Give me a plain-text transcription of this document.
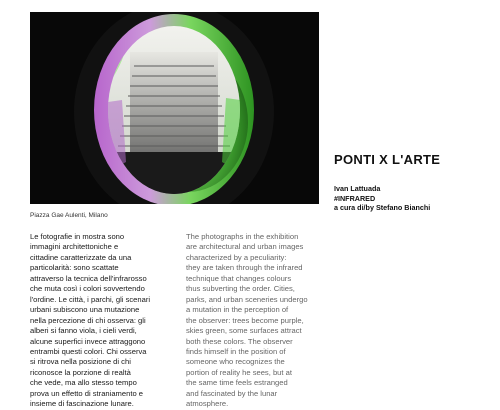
Piazza Gae Aulenti, Milano
PONTI X L'ARTE
Ivan Lattuada
#INFRARED
a cura di/by Stefano Bianchi
Le fotografie in mostra sono
immagini architettoniche e
cittadine caratterizzate da una
particolarità: sono scattate
attraverso la tecnica dell'infrarosso
che muta così i colori sovvertendo
l'ordine. Le città, i parchi, gli scenari
urbani subiscono una mutazione
nella percezione di chi osserva: gli
alberi si fanno viola, i cieli verdi,
alcune superfici invece attraggono
entrambi questi colori. Chi osserva
si ritrova nella posizione di chi
riconosce la porzione di realtà
che vede, ma allo stesso tempo
prova un effetto di straniamento e
insieme di fascinazione lunare.
The photographs in the exhibition
are architectural and urban images
characterized by a peculiarity:
they are taken through the infrared
technique that changes colours
thus subverting the order. Cities,
parks, and urban sceneries undergo
a mutation in the perception of
the observer: trees become purple,
skies green, some surfaces attract
both these colors. The observer
finds himself in the position of
someone who recognizes the
portion of reality he sees, but at
the same time feels estranged
and fascinated by the lunar
atmosphere.
